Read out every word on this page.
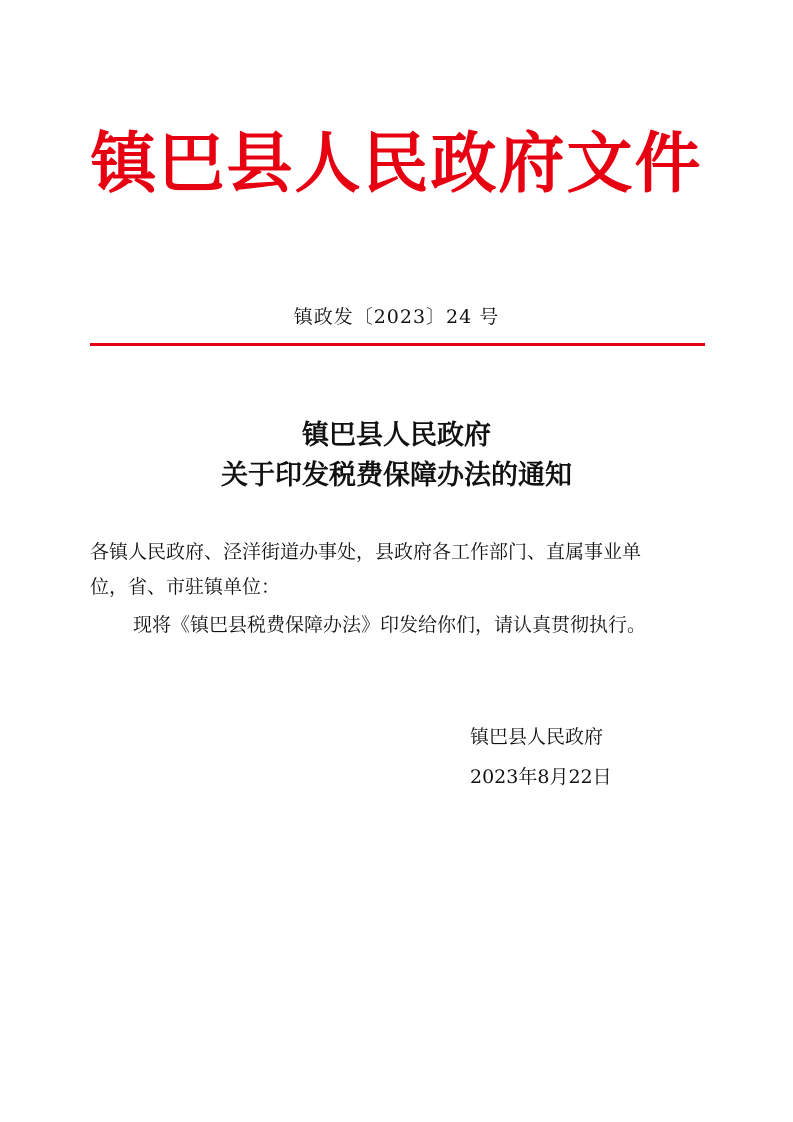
镇巴县人民政府文件
镇政发〔2023〕24 号
镇巴县人民政府
关于印发税费保障办法的通知
各镇人民政府、泾洋街道办事处，县政府各工作部门、直属事业单
位，省、市驻镇单位：
现将《镇巴县税费保障办法》印发给你们，请认真贯彻执行。
镇巴县人民政府
2023年8月22日
